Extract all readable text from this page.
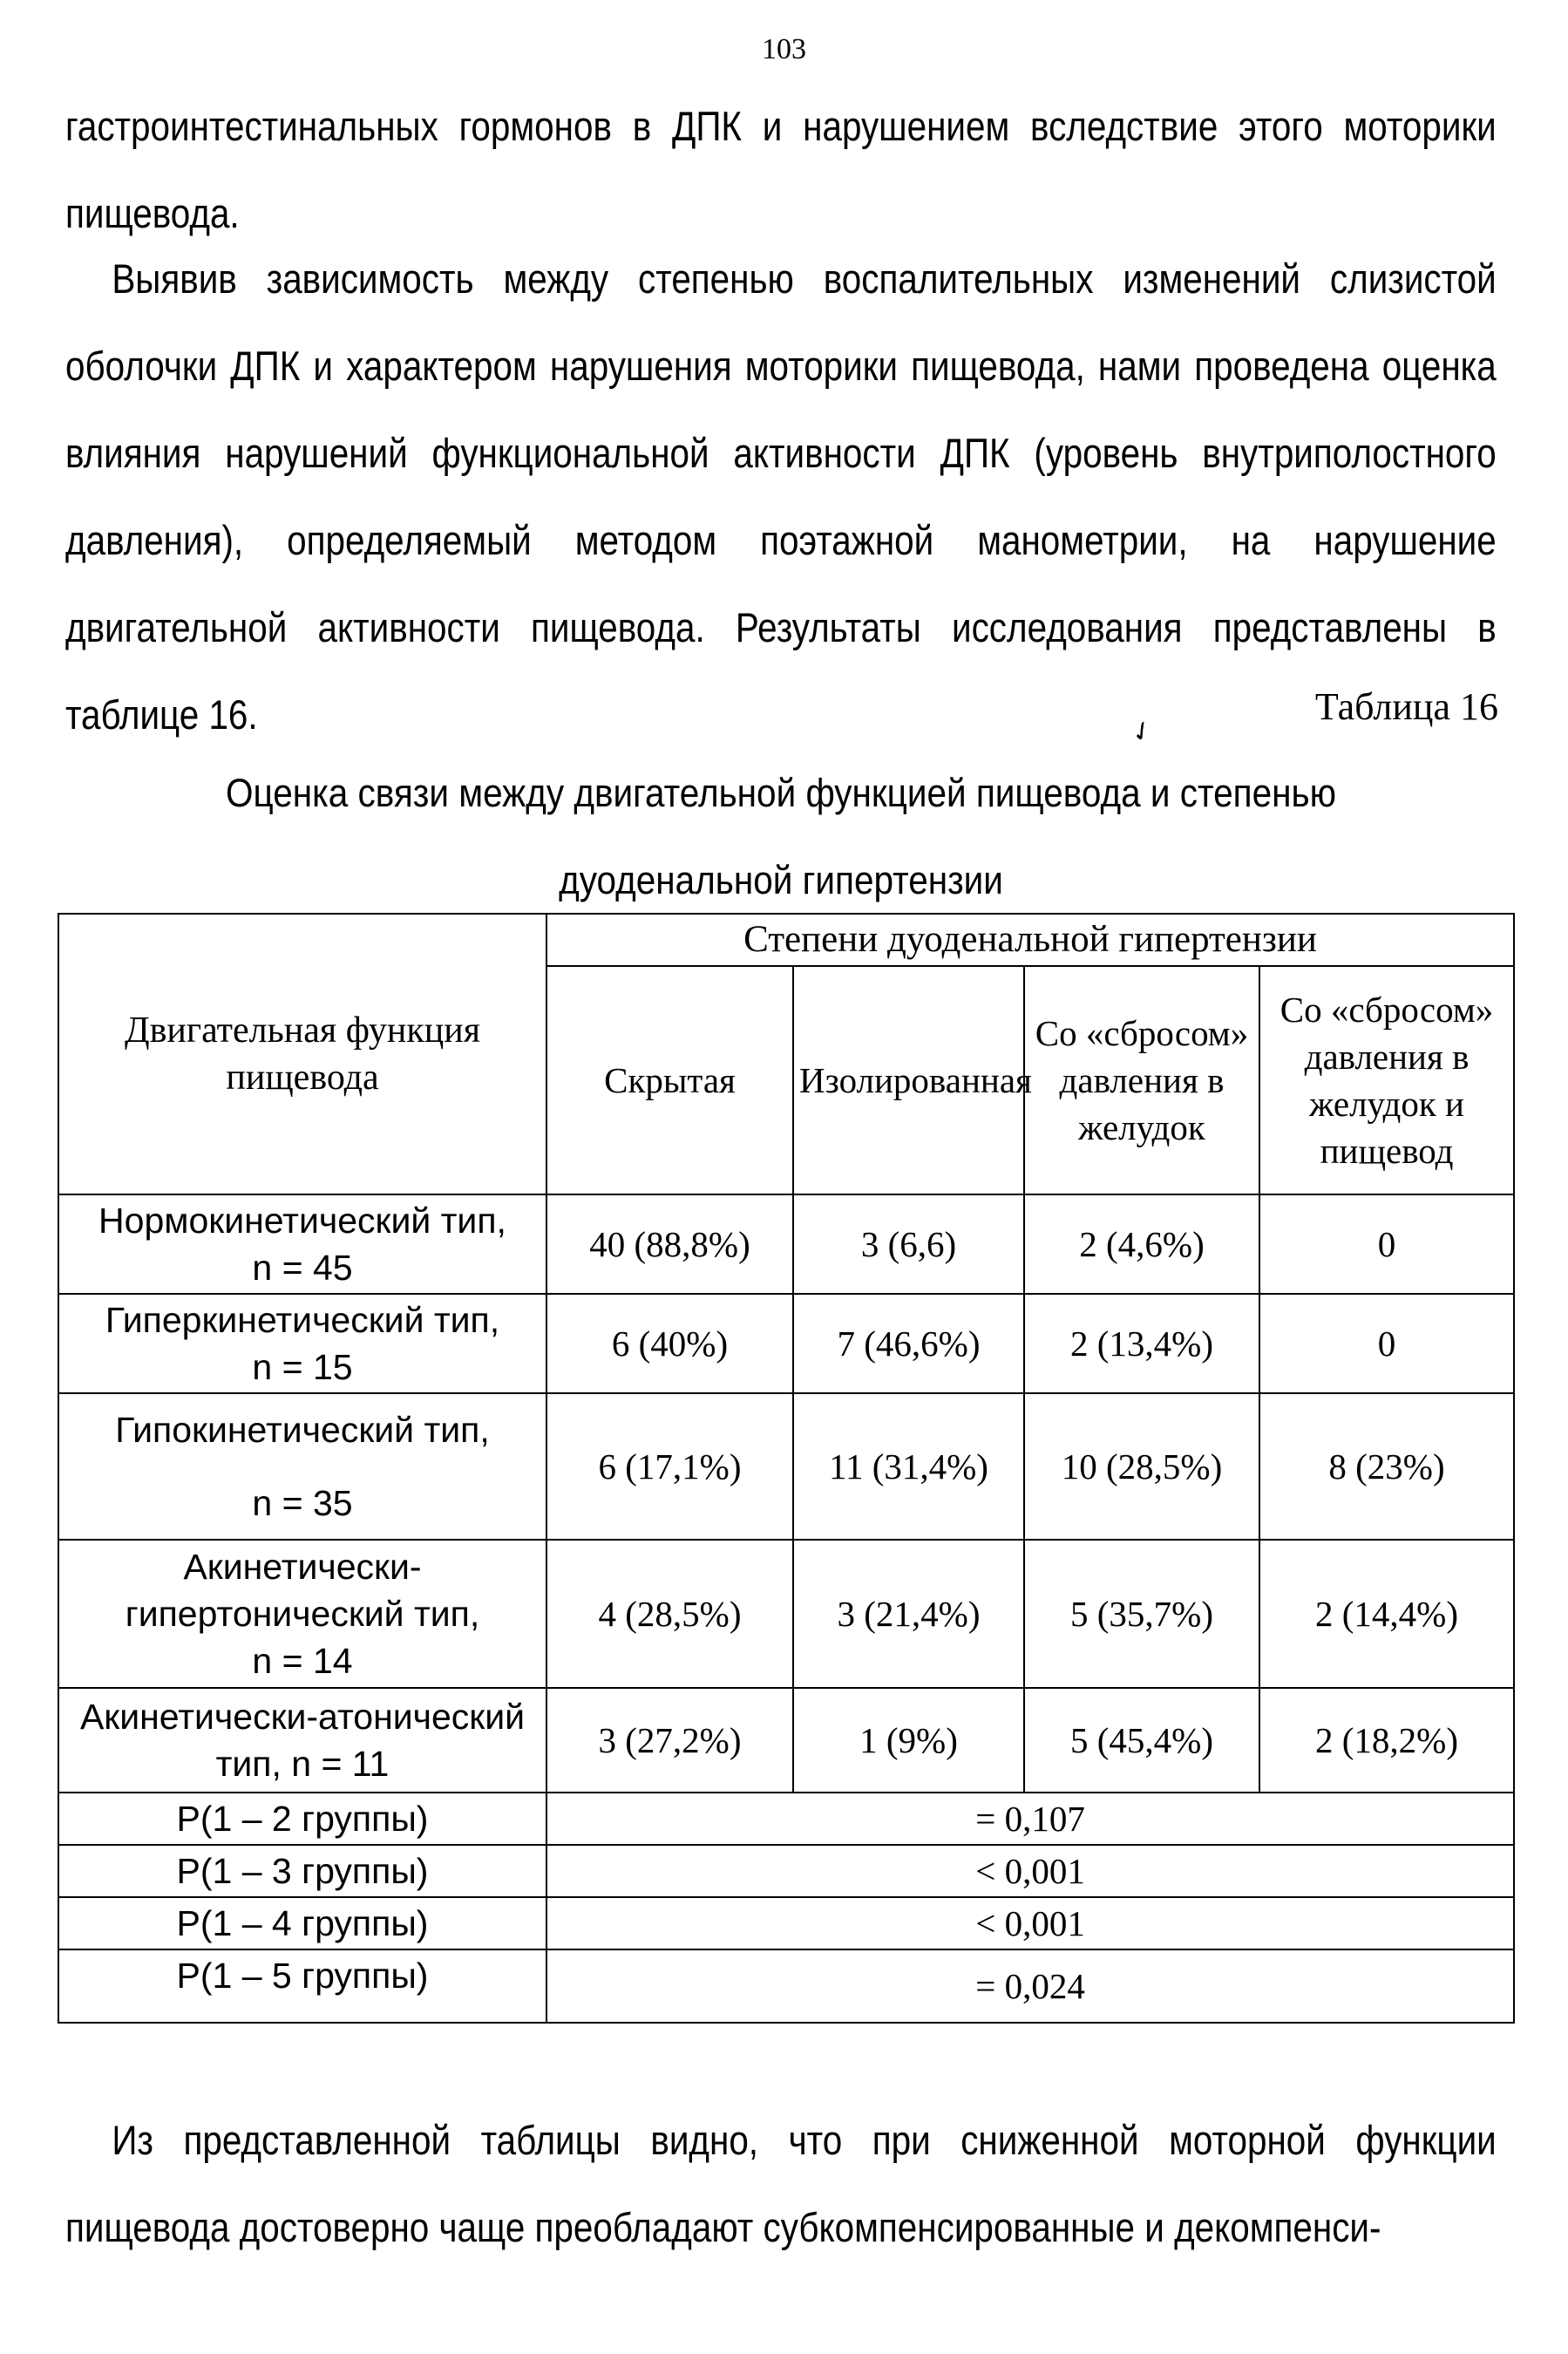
103

гастроинтестинальных гормонов в ДПК и нарушением вследствие этого моторики пищевода.

Выявив зависимость между степенью воспалительных изменений слизистой оболочки ДПК и характером нарушения моторики пищевода, нами проведена оценка влияния нарушений функциональной активности ДПК (уровень внутриполостного давления), определяемый методом поэтажной манометрии, на нарушение двигательной активности пищевода. Результаты исследования представлены в таблице 16.	Таблица 16
✓
Оценка связи между двигательной функцией пищевода и степенью дуоденальной гипертензии
Двигательная функция пищевода	Степени дуоденальной гипертензии			
	Скрытая	Изолированная	Со «сбросом» давления в желудок	Со «сбросом» давления в желудок и пищевод

Нормокинетический тип,
n = 45	40 (88,8%)	3 (6,6)	2 (4,6%)	0

Гиперкинетический тип,
n = 15	6 (40%)	7 (46,6%)	2 (13,4%)	0

Гипокинетический тип,
n = 35	6 (17,1%)	11 (31,4%)	10 (28,5%)	8 (23%)

Акинетически-гипертонический тип,
n = 14	4 (28,5%)	3 (21,4%)	5 (35,7%)	2 (14,4%)

Акинетически-атонический тип, n = 11	3 (27,2%)	1 (9%)	5 (45,4%)	2 (18,2%)
P(1 – 2 группы)	= 0,107			
P(1 – 3 группы)	< 0,001			
P(1 – 4 группы)	< 0,001			
P(1 – 5 группы)	= 0,024			

Из представленной таблицы видно, что при сниженной моторной функции пищевода достоверно чаще преобладают субкомпенсированные и декомпенси-
